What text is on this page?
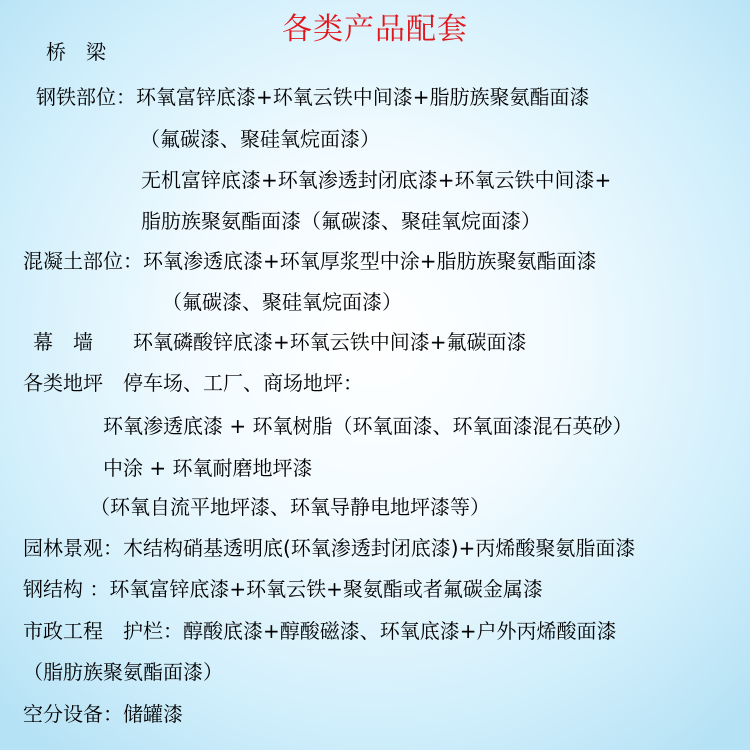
各类产品配套
桥　梁
钢铁部位：环氧富锌底漆+环氧云铁中间漆+脂肪族聚氨酯面漆
（氟碳漆、聚硅氧烷面漆）
无机富锌底漆+环氧渗透封闭底漆+环氧云铁中间漆+
脂肪族聚氨酯面漆（氟碳漆、聚硅氧烷面漆）
混凝土部位：环氧渗透底漆+环氧厚浆型中涂+脂肪族聚氨酯面漆
（氟碳漆、聚硅氧烷面漆）
幕　墙　　环氧磷酸锌底漆+环氧云铁中间漆+氟碳面漆
各类地坪　停车场、工厂、商场地坪：
环氧渗透底漆 + 环氧树脂（环氧面漆、环氧面漆混石英砂）
中涂 + 环氧耐磨地坪漆
（环氧自流平地坪漆、环氧导静电地坪漆等）
园林景观：木结构硝基透明底(环氧渗透封闭底漆)+丙烯酸聚氨脂面漆
钢结构 ：环氧富锌底漆+环氧云铁+聚氨酯或者氟碳金属漆
市政工程　护栏：醇酸底漆+醇酸磁漆、环氧底漆+户外丙烯酸面漆
（脂肪族聚氨酯面漆）
空分设备：储罐漆
